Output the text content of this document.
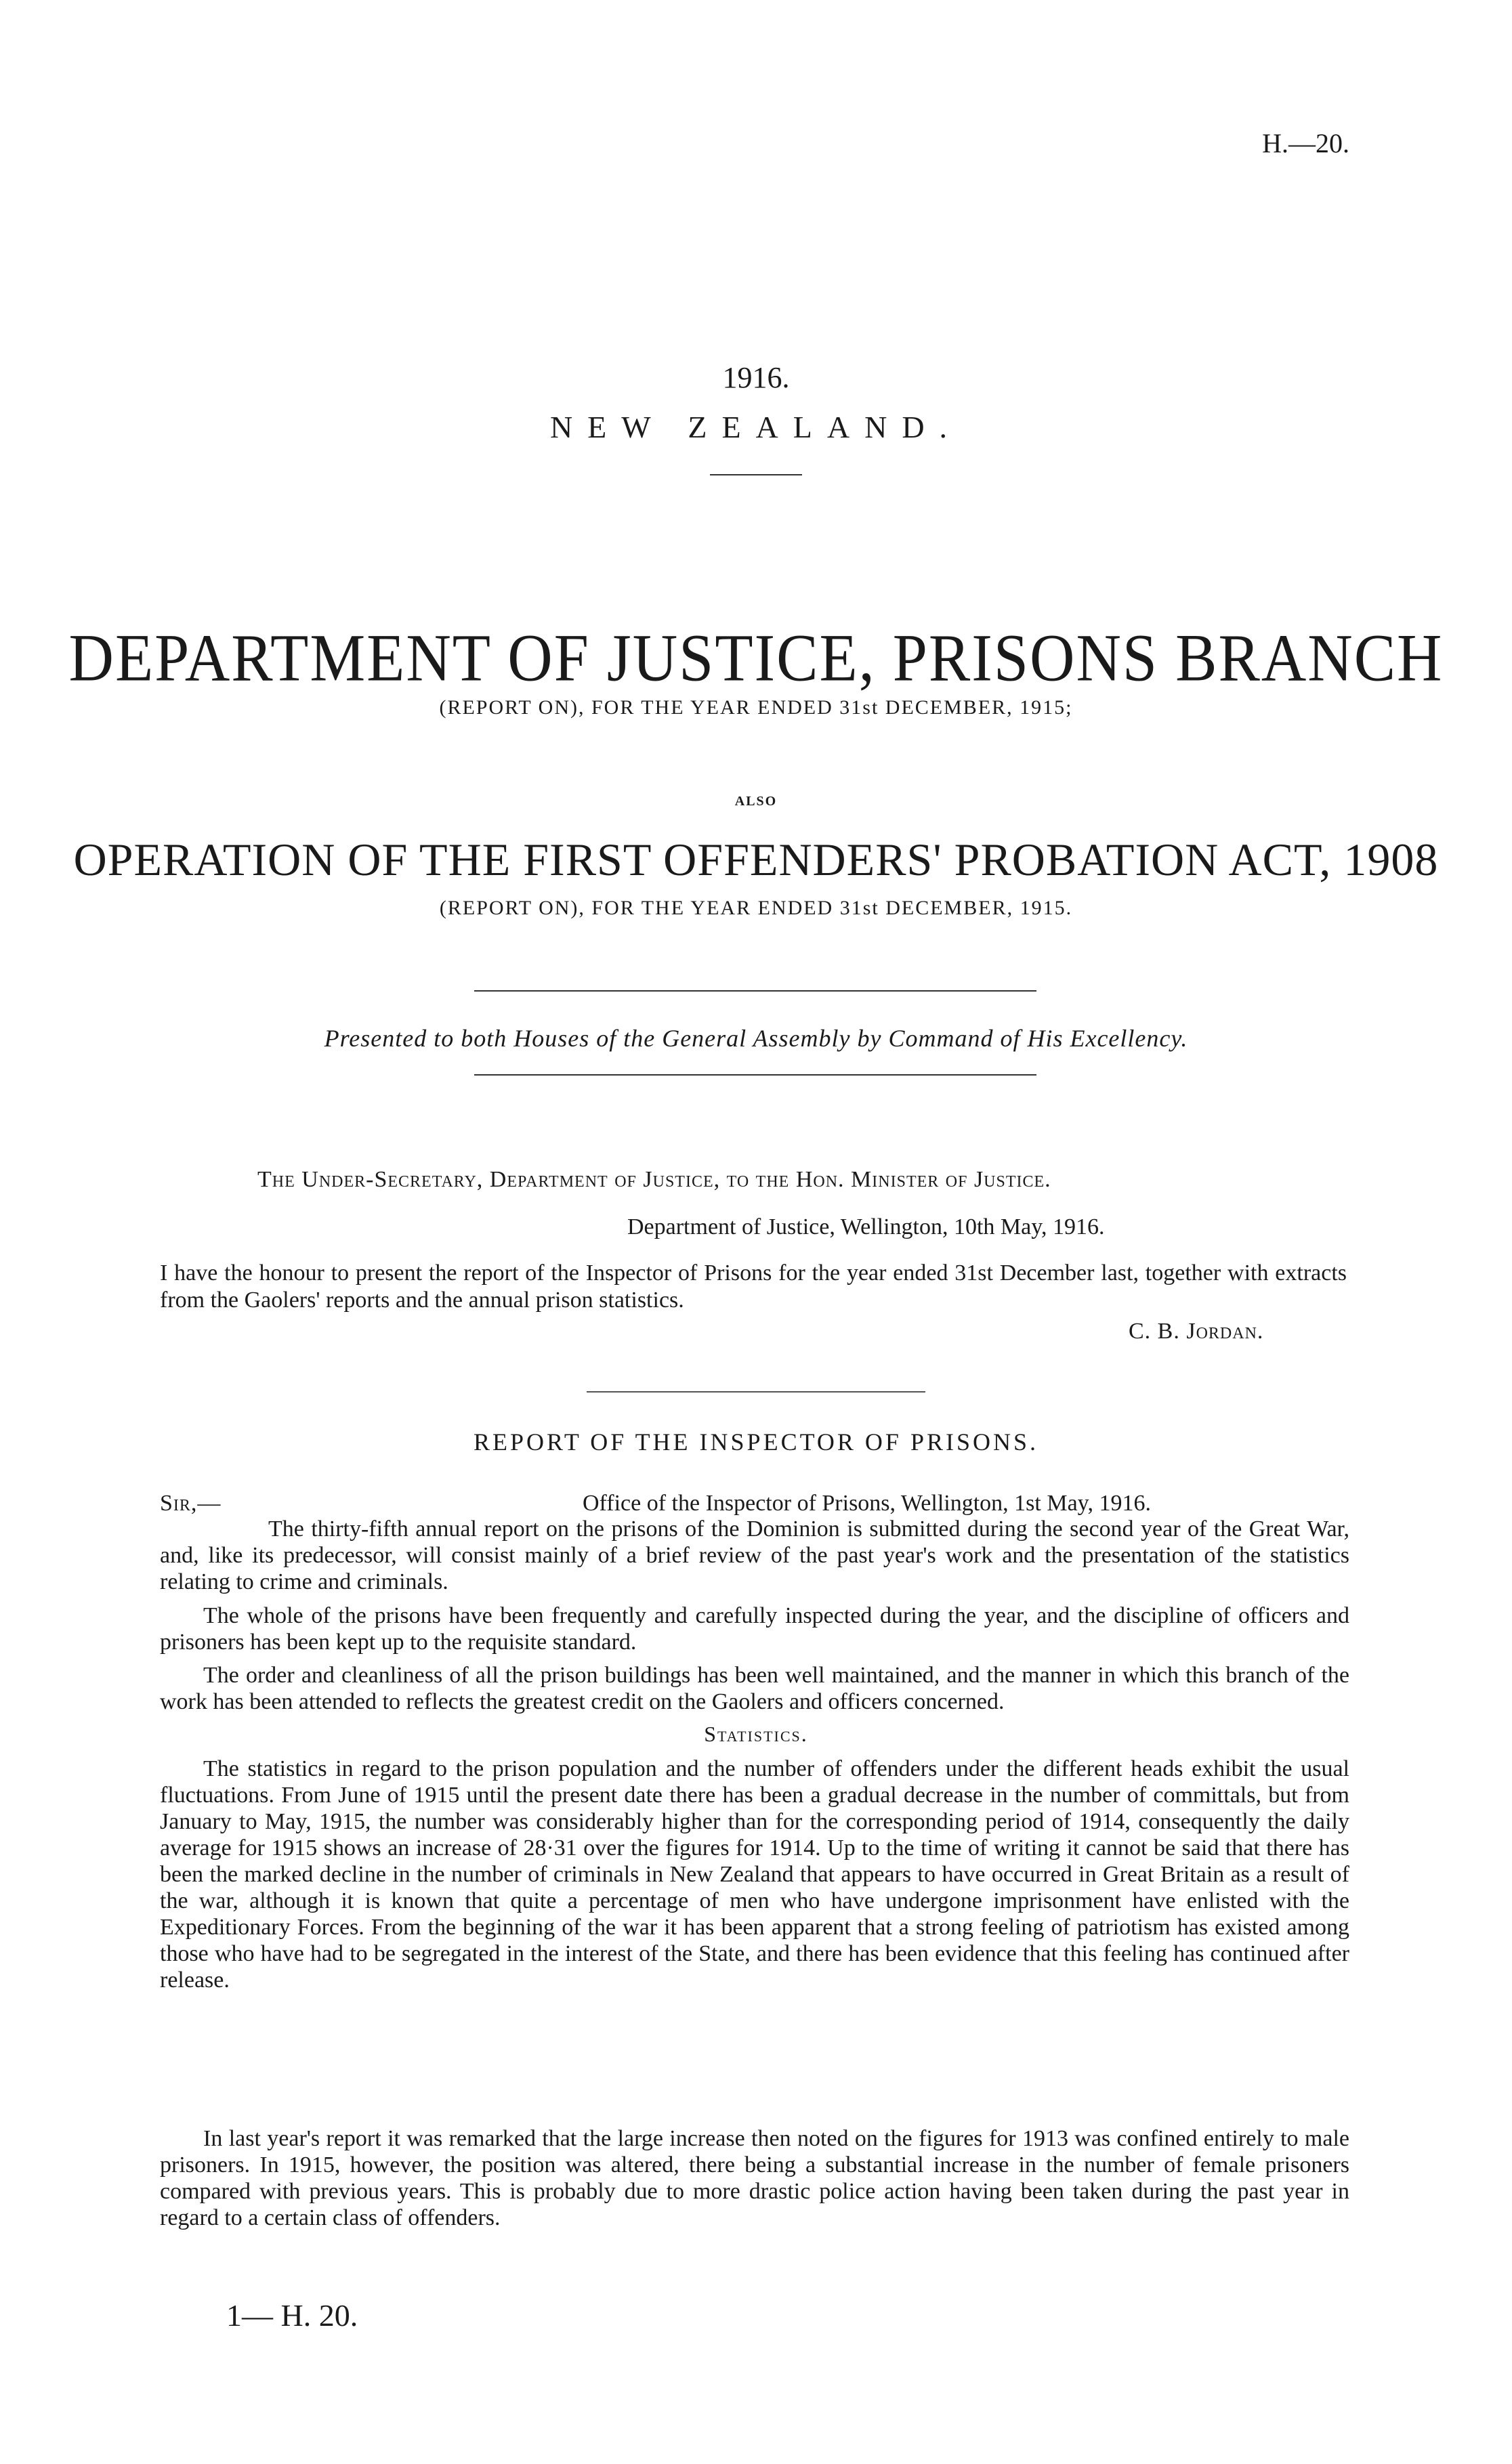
H.—20.
1916.
NEW ZEALAND.
DEPARTMENT OF JUSTICE, PRISONS BRANCH
(REPORT ON), FOR THE YEAR ENDED 31st DECEMBER, 1915;
ALSO
OPERATION OF THE FIRST OFFENDERS' PROBATION ACT, 1908
(REPORT ON), FOR THE YEAR ENDED 31st DECEMBER, 1915.
Presented to both Houses of the General Assembly by Command of His Excellency.
The Under-Secretary, Department of Justice, to the Hon. Minister of Justice.
Department of Justice, Wellington, 10th May, 1916.

I have the honour to present the report of the Inspector of Prisons for the year ended 31st December last, together with extracts from the Gaolers' reports and the annual prison statistics.

C. B. Jordan.
REPORT OF THE INSPECTOR OF PRISONS.
Sir,—	Office of the Inspector of Prisons, Wellington, 1st May, 1916.

The thirty-fifth annual report on the prisons of the Dominion is submitted during the second year of the Great War, and, like its predecessor, will consist mainly of a brief review of the past year's work and the presentation of the statistics relating to crime and criminals.

The whole of the prisons have been frequently and carefully inspected during the year, and the discipline of officers and prisoners has been kept up to the requisite standard.

The order and cleanliness of all the prison buildings has been well maintained, and the manner in which this branch of the work has been attended to reflects the greatest credit on the Gaolers and officers concerned.

Statistics.

The statistics in regard to the prison population and the number of offenders under the different heads exhibit the usual fluctuations. From June of 1915 until the present date there has been a gradual decrease in the number of committals, but from January to May, 1915, the number was considerably higher than for the corresponding period of 1914, consequently the daily average for 1915 shows an increase of 28·31 over the figures for 1914. Up to the time of writing it cannot be said that there has been the marked decline in the number of criminals in New Zealand that appears to have occurred in Great Britain as a result of the war, although it is known that quite a percentage of men who have undergone imprisonment have enlisted with the Expeditionary Forces. From the beginning of the war it has been apparent that a strong feeling of patriotism has existed among those who have had to be segregated in the interest of the State, and there has been evidence that this feeling has continued after release.

In last year's report it was remarked that the large increase then noted on the figures for 1913 was confined entirely to male prisoners. In 1915, however, the position was altered, there being a substantial increase in the number of female prisoners compared with previous years. This is probably due to more drastic police action having been taken during the past year in regard to a certain class of offenders.

1— H. 20.
